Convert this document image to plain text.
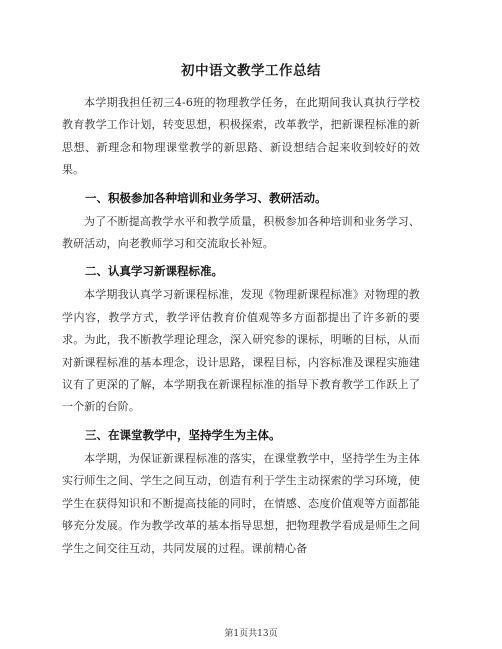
初中语文教学工作总结

本学期我担任初三4-6班的物理教学任务，在此期间我认真执行学校教育教学工作计划，转变思想，积极探索，改革教学，把新课程标准的新思想、新理念和物理课堂教学的新思路、新设想结合起来收到较好的效果。

一、积极参加各种培训和业务学习、教研活动。

为了不断提高教学水平和教学质量，积极参加各种培训和业务学习、教研活动，向老教师学习和交流取长补短。

二、认真学习新课程标准。

本学期我认真学习新课程标准，发现《物理新课程标准》对物理的教学内容，教学方式，教学评估教育价值观等多方面都提出了许多新的要求。为此，我不断教学理论理念，深入研究参的课标，明晰的目标，从而对新课程标准的基本理念，设计思路，课程目标，内容标准及课程实施建议有了更深的了解，本学期我在新课程标准的指导下教育教学工作跃上了一个新的台阶。

三、在课堂教学中，坚持学生为主体。

本学期，为保证新课程标准的落实，在课堂教学中，坚持学生为主体实行师生之间、学生之间互动，创造有利于学生主动探索的学习环境，使学生在获得知识和不断提高技能的同时，在情感、态度价值观等方面都能够充分发展。作为教学改革的基本指导思想，把物理教学看成是师生之间学生之间交往互动，共同发展的过程。课前精心备

第1页共13页
